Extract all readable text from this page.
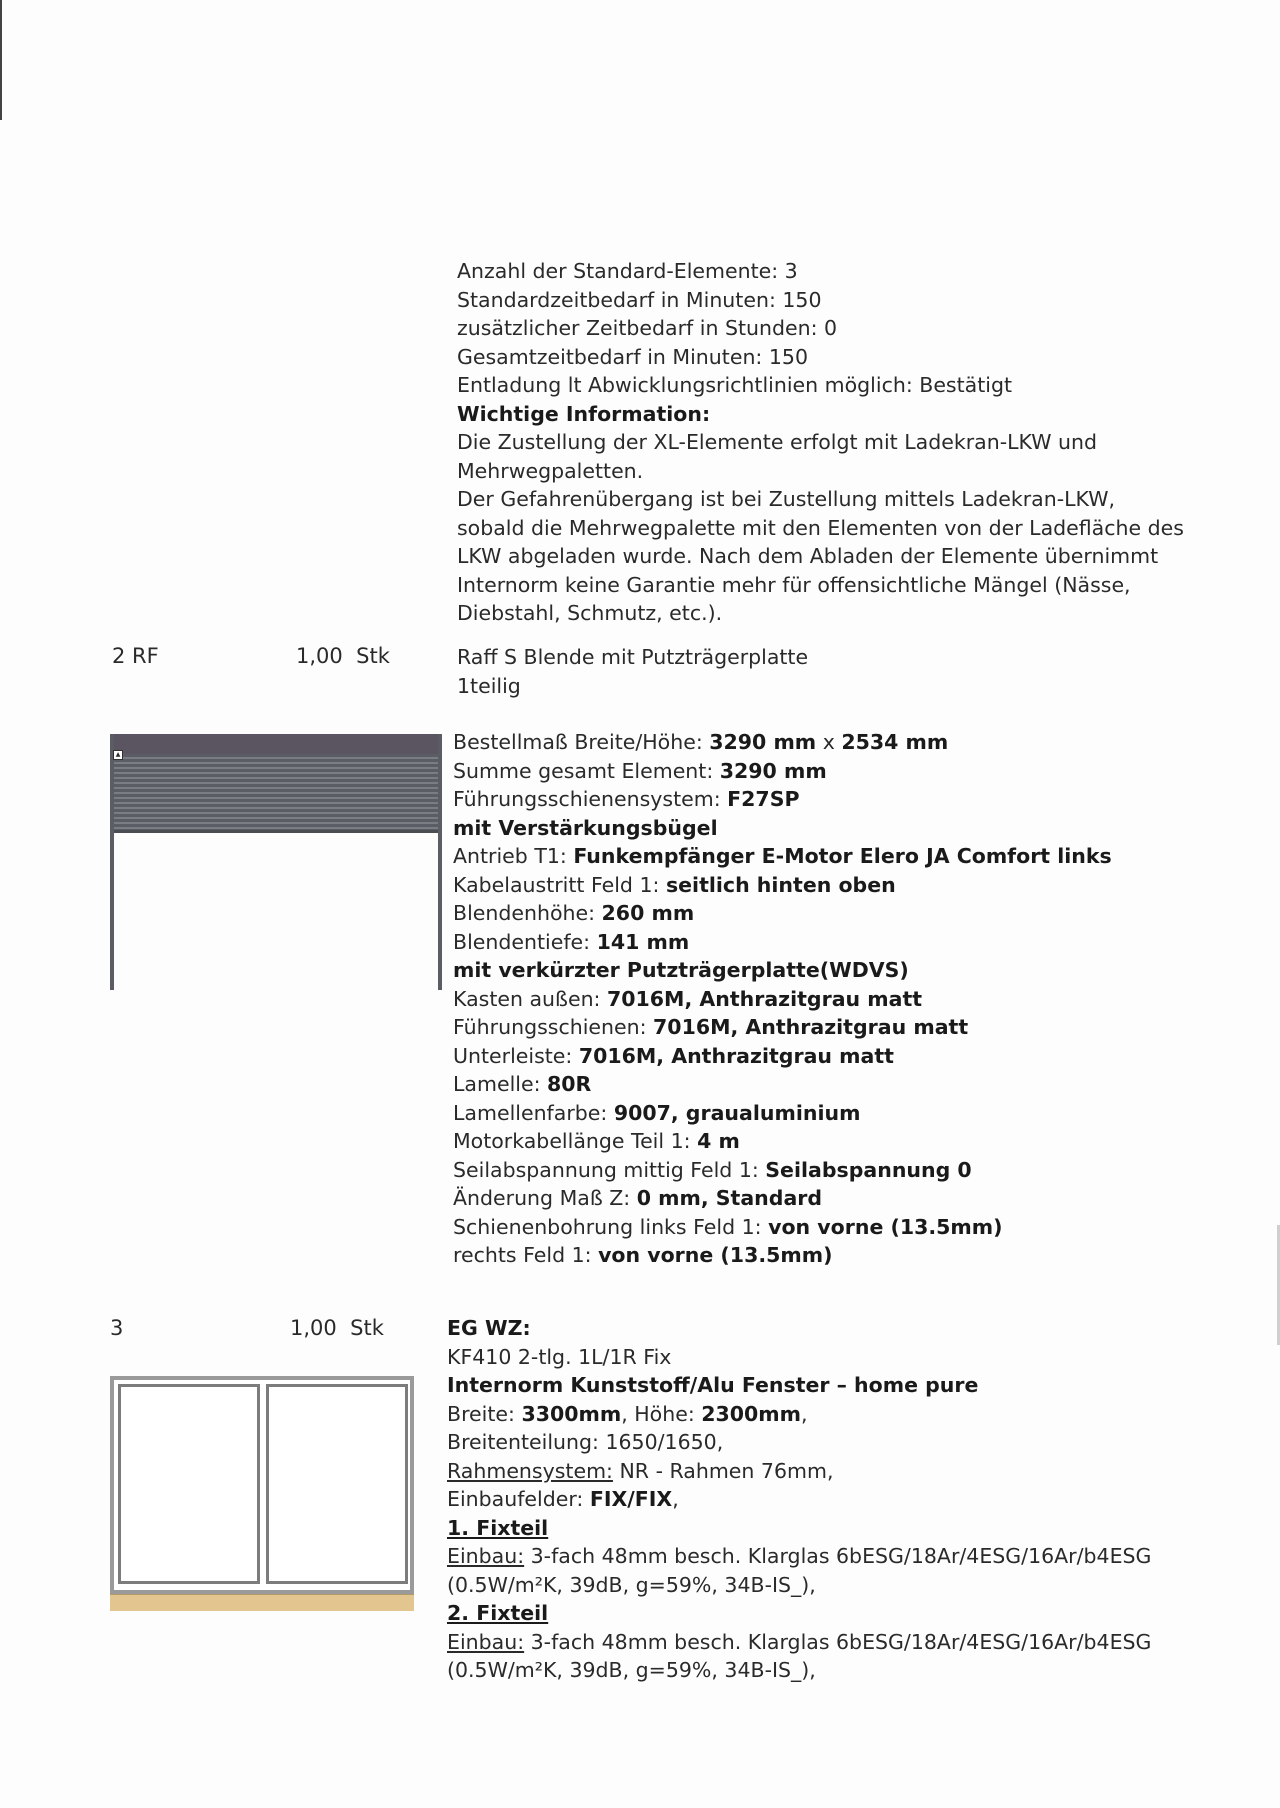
Anzahl der Standard-Elemente: 3

Standardzeitbedarf in Minuten: 150

zusätzlicher Zeitbedarf in Stunden: 0

Gesamtzeitbedarf in Minuten: 150

Entladung lt Abwicklungsrichtlinien möglich: Bestätigt

Wichtige Information:

Die Zustellung der XL-Elemente erfolgt mit Ladekran-LKW und

Mehrwegpaletten.

Der Gefahrenübergang ist bei Zustellung mittels Ladekran-LKW,

sobald die Mehrwegpalette mit den Elementen von der Ladefläche des

LKW abgeladen wurde. Nach dem Abladen der Elemente übernimmt

Internorm keine Garantie mehr für offensichtliche Mängel (Nässe,

Diebstahl, Schmutz, etc.).

2 RF	1,00 Stk	Raff S Blende mit Putzträgerplatte

1teilig

▲

Bestellmaß Breite/Höhe: 3290 mm x 2534 mm

Summe gesamt Element: 3290 mm

Führungsschienensystem: F27SP

mit Verstärkungsbügel

Antrieb T1: Funkempfänger E-Motor Elero JA Comfort links

Kabelaustritt Feld 1: seitlich hinten oben

Blendenhöhe: 260 mm

Blendentiefe: 141 mm

mit verkürzter Putzträgerplatte(WDVS)

Kasten außen: 7016M, Anthrazitgrau matt

Führungsschienen: 7016M, Anthrazitgrau matt

Unterleiste: 7016M, Anthrazitgrau matt

Lamelle: 80R

Lamellenfarbe: 9007, graualuminium

Motorkabellänge Teil 1: 4 m

Seilabspannung mittig Feld 1: Seilabspannung 0

Änderung Maß Z: 0 mm, Standard

Schienenbohrung links Feld 1: von vorne (13.5mm)

rechts Feld 1: von vorne (13.5mm)

3	1,00 Stk	EG WZ:

KF410 2-tlg. 1L/1R Fix

Internorm Kunststoff/Alu Fenster – home pure

Breite: 3300mm, Höhe: 2300mm,

Breitenteilung: 1650/1650,

Rahmensystem: NR - Rahmen 76mm,

Einbaufelder: FIX/FIX,

1. Fixteil

Einbau: 3-fach 48mm besch. Klarglas 6bESG/18Ar/4ESG/16Ar/b4ESG

(0.5W/m²K, 39dB, g=59%, 34B-IS_),

2. Fixteil

Einbau: 3-fach 48mm besch. Klarglas 6bESG/18Ar/4ESG/16Ar/b4ESG

(0.5W/m²K, 39dB, g=59%, 34B-IS_),
